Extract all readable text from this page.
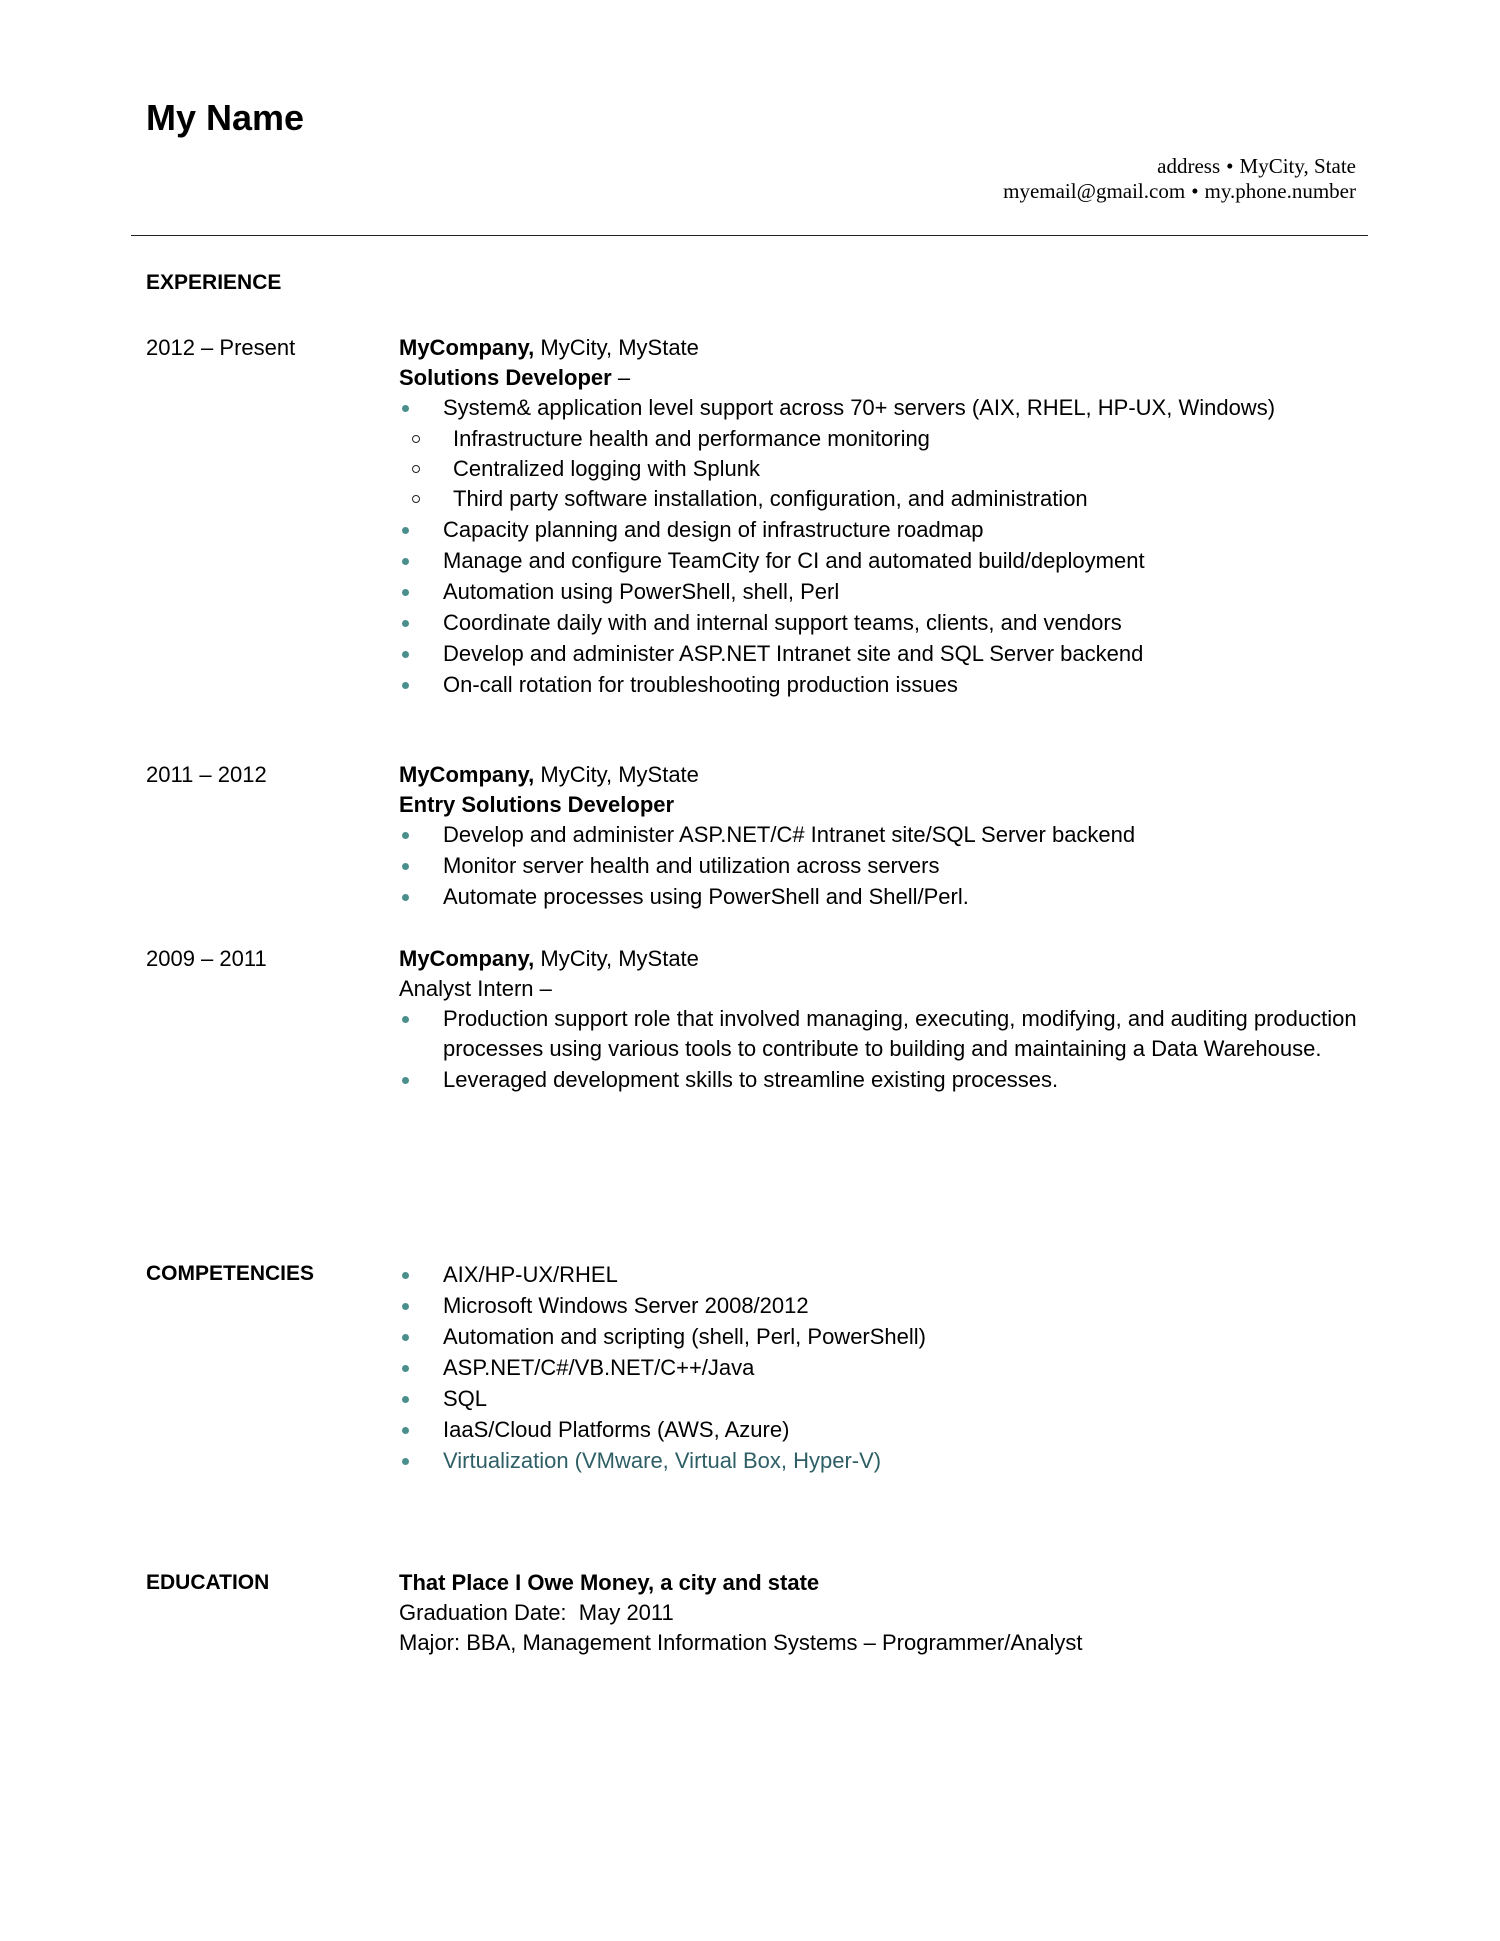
My Name
address • MyCity, State
myemail@gmail.com • my.phone.number
EXPERIENCE
2012 – Present	MyCompany, MyCity, MyState
Solutions Developer –
System& application level support across 70+ servers (AIX, RHEL, HP-UX, Windows)
Infrastructure health and performance monitoring
Centralized logging with Splunk
Third party software installation, configuration, and administration
Capacity planning and design of infrastructure roadmap
Manage and configure TeamCity for CI and automated build/deployment
Automation using PowerShell, shell, Perl
Coordinate daily with and internal support teams, clients, and vendors
Develop and administer ASP.NET Intranet site and SQL Server backend
On-call rotation for troubleshooting production issues
2011 – 2012	MyCompany, MyCity, MyState
Entry Solutions Developer
Develop and administer ASP.NET/C# Intranet site/SQL Server backend
Monitor server health and utilization across servers
Automate processes using PowerShell and Shell/Perl.
2009 – 2011	MyCompany, MyCity, MyState
Analyst Intern –
Production support role that involved managing, executing, modifying, and auditing production processes using various tools to contribute to building and maintaining a Data Warehouse.
Leveraged development skills to streamline existing processes.
COMPETENCIES	AIX/HP-UX/RHEL
Microsoft Windows Server 2008/2012
Automation and scripting (shell, Perl, PowerShell)
ASP.NET/C#/VB.NET/C++/Java
SQL
IaaS/Cloud Platforms (AWS, Azure)
Virtualization (VMware, Virtual Box, Hyper-V)
EDUCATION	That Place I Owe Money, a city and state
Graduation Date:  May 2011
Major: BBA, Management Information Systems – Programmer/Analyst
